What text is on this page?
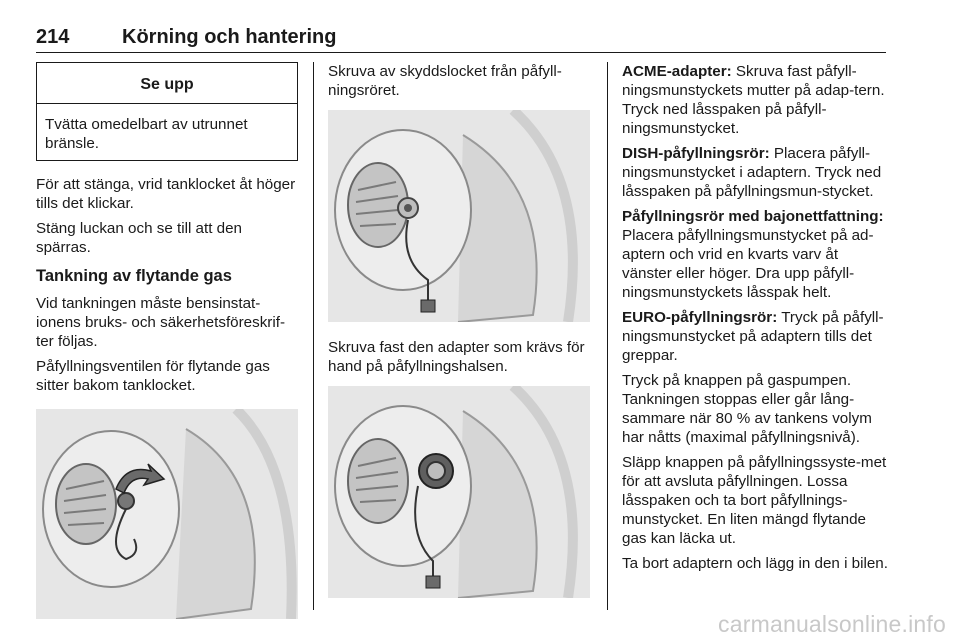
214	Körning och hantering
Se upp
Tvätta omedelbart av utrunnet bränsle.

För att stänga, vrid tanklocket åt höger tills det klickar.

Stäng luckan och se till att den spärras.

Tankning av flytande gas

Vid tankningen måste bensinstat-ionens bruks- och säkerhetsföreskrif-ter följas.

Påfyllningsventilen för flytande gas sitter bakom tanklocket.

Skruva av skyddslocket från påfyll-ningsröret.

Skruva fast den adapter som krävs för hand på påfyllningshalsen.

ACME-adapter: Skruva fast påfyll-ningsmunstyckets mutter på adap-tern. Tryck ned låsspaken på påfyll-ningsmunstycket.

DISH-påfyllningsrör: Placera påfyll-ningsmunstycket i adaptern. Tryck ned låsspaken på påfyllningsmun-stycket.

Påfyllningsrör med bajonettfattning:
Placera påfyllningsmunstycket på ad-aptern och vrid en kvarts varv åt vänster eller höger. Dra upp påfyll-ningsmunstyckets låsspak helt.

EURO-påfyllningsrör: Tryck på påfyll-ningsmunstycket på adaptern tills det greppar.

Tryck på knappen på gaspumpen. Tankningen stoppas eller går lång-sammare när 80 % av tankens volym har nåtts (maximal påfyllningsnivå).

Släpp knappen på påfyllningssyste-met för att avsluta påfyllningen. Lossa låsspaken och ta bort påfyllnings-munstycket. En liten mängd flytande gas kan läcka ut.

Ta bort adaptern och lägg in den i bilen.

carmanualsonline.info
